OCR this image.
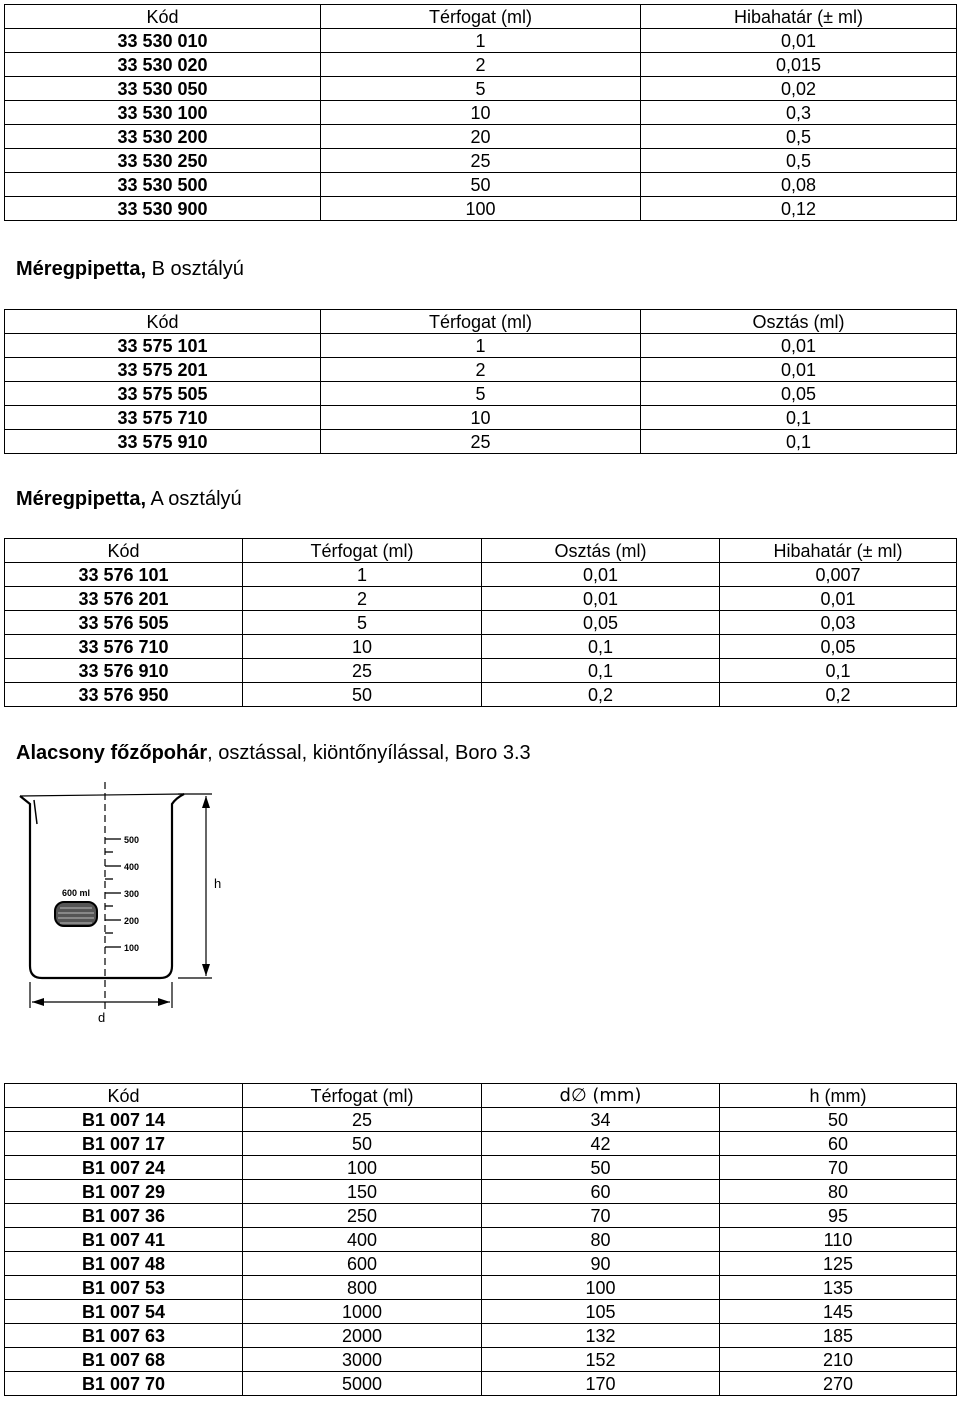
Kód	Térfogat (ml)	Hibahatár (± ml)
33 530 010	1	0,01
33 530 020	2	0,015
33 530 050	5	0,02
33 530 100	10	0,3
33 530 200	20	0,5
33 530 250	25	0,5
33 530 500	50	0,08
33 530 900	100	0,12
Méregpipetta, B osztályú
Kód	Térfogat (ml)	Osztás (ml)
33 575 101	1	0,01
33 575 201	2	0,01
33 575 505	5	0,05
33 575 710	10	0,1
33 575 910	25	0,1
Méregpipetta, A osztályú
Kód	Térfogat (ml)	Osztás (ml)	Hibahatár (± ml)
33 576 101	1	0,01	0,007
33 576 201	2	0,01	0,01
33 576 505	5	0,05	0,03
33 576 710	10	0,1	0,05
33 576 910	25	0,1	0,1
33 576 950	50	0,2	0,2
Alacsony főzőpohár, osztással, kiöntőnyílással, Boro 3.3
500
400
300
200
100
600 ml
h
d
Kód	Térfogat (ml)	d∅ (mm)	h (mm)
B1 007 14	25	34	50
B1 007 17	50	42	60
B1 007 24	100	50	70
B1 007 29	150	60	80
B1 007 36	250	70	95
B1 007 41	400	80	110
B1 007 48	600	90	125
B1 007 53	800	100	135
B1 007 54	1000	105	145
B1 007 63	2000	132	185
B1 007 68	3000	152	210
B1 007 70	5000	170	270
